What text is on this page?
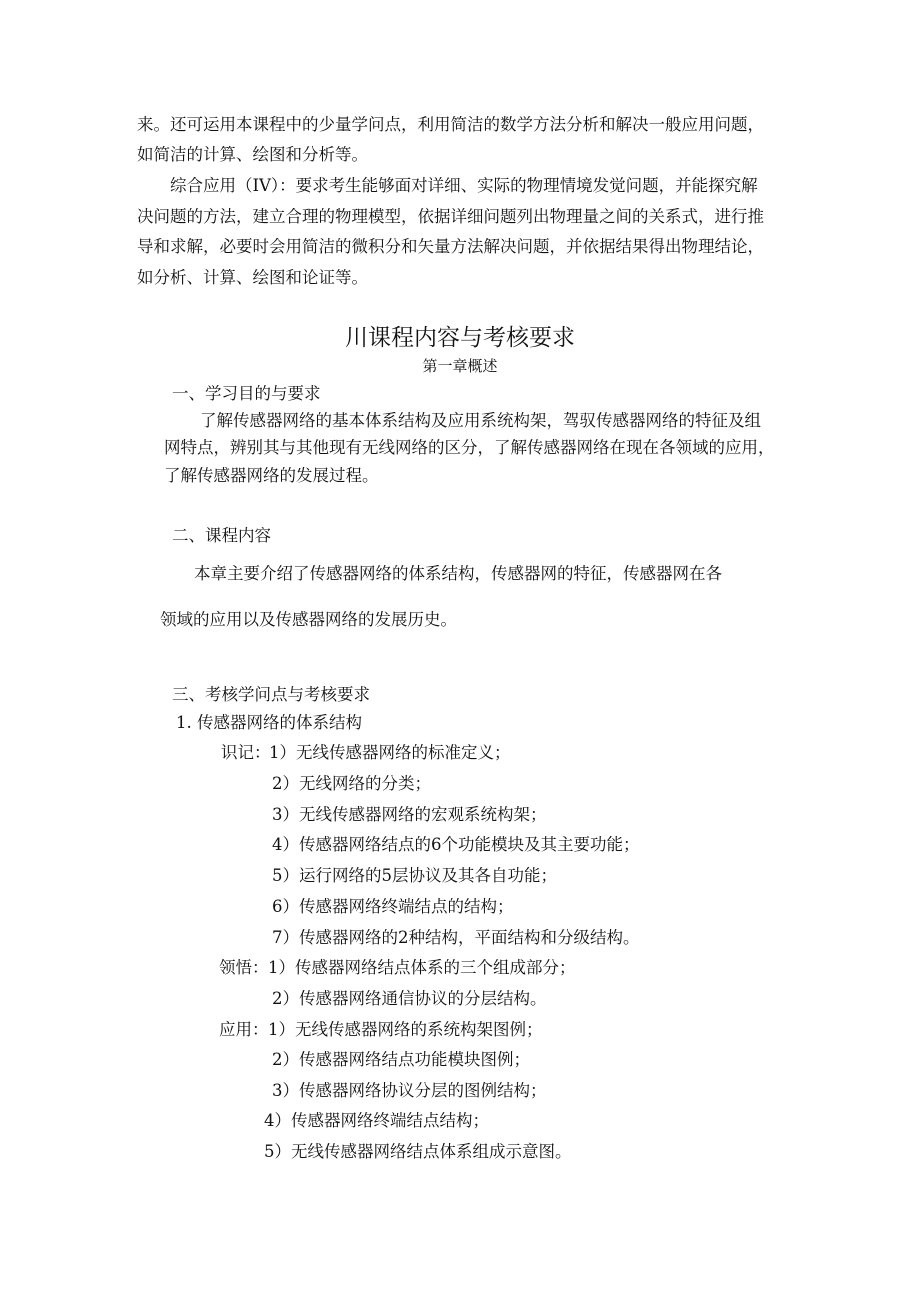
来。还可运用本课程中的少量学问点，利用简洁的数学方法分析和解决一般应用问题，
如简洁的计算、绘图和分析等。
综合应用（IV）：要求考生能够面对详细、实际的物理情境发觉问题，并能探究解
决问题的方法，建立合理的物理模型，依据详细问题列出物理量之间的关系式，进行推
导和求解，必要时会用简洁的微积分和矢量方法解决问题，并依据结果得出物理结论，
如分析、计算、绘图和论证等。
川课程内容与考核要求
第一章概述
一、学习目的与要求
了解传感器网络的基本体系结构及应用系统构架，驾驭传感器网络的特征及组
网特点，辨别其与其他现有无线网络的区分，了解传感器网络在现在各领域的应用，
了解传感器网络的发展过程。
二、课程内容
本章主要介绍了传感器网络的体系结构，传感器网的特征，传感器网在各
领域的应用以及传感器网络的发展历史。
三、考核学问点与考核要求
1. 传感器网络的体系结构
识记：
1）无线传感器网络的标准定义；
2）无线网络的分类；
3）无线传感器网络的宏观系统构架；
4）传感器网络结点的6个功能模块及其主要功能；
5）运行网络的5层协议及其各自功能；
6）传感器网络终端结点的结构；
7）传感器网络的2种结构，平面结构和分级结构。
领悟： 1）传感器网络结点体系的三个组成部分；
2）传感器网络通信协议的分层结构。
应用： 1）无线传感器网络的系统构架图例；
2）传感器网络结点功能模块图例；
3）传感器网络协议分层的图例结构；
4）传感器网络终端结点结构；
5）无线传感器网络结点体系组成示意图。
